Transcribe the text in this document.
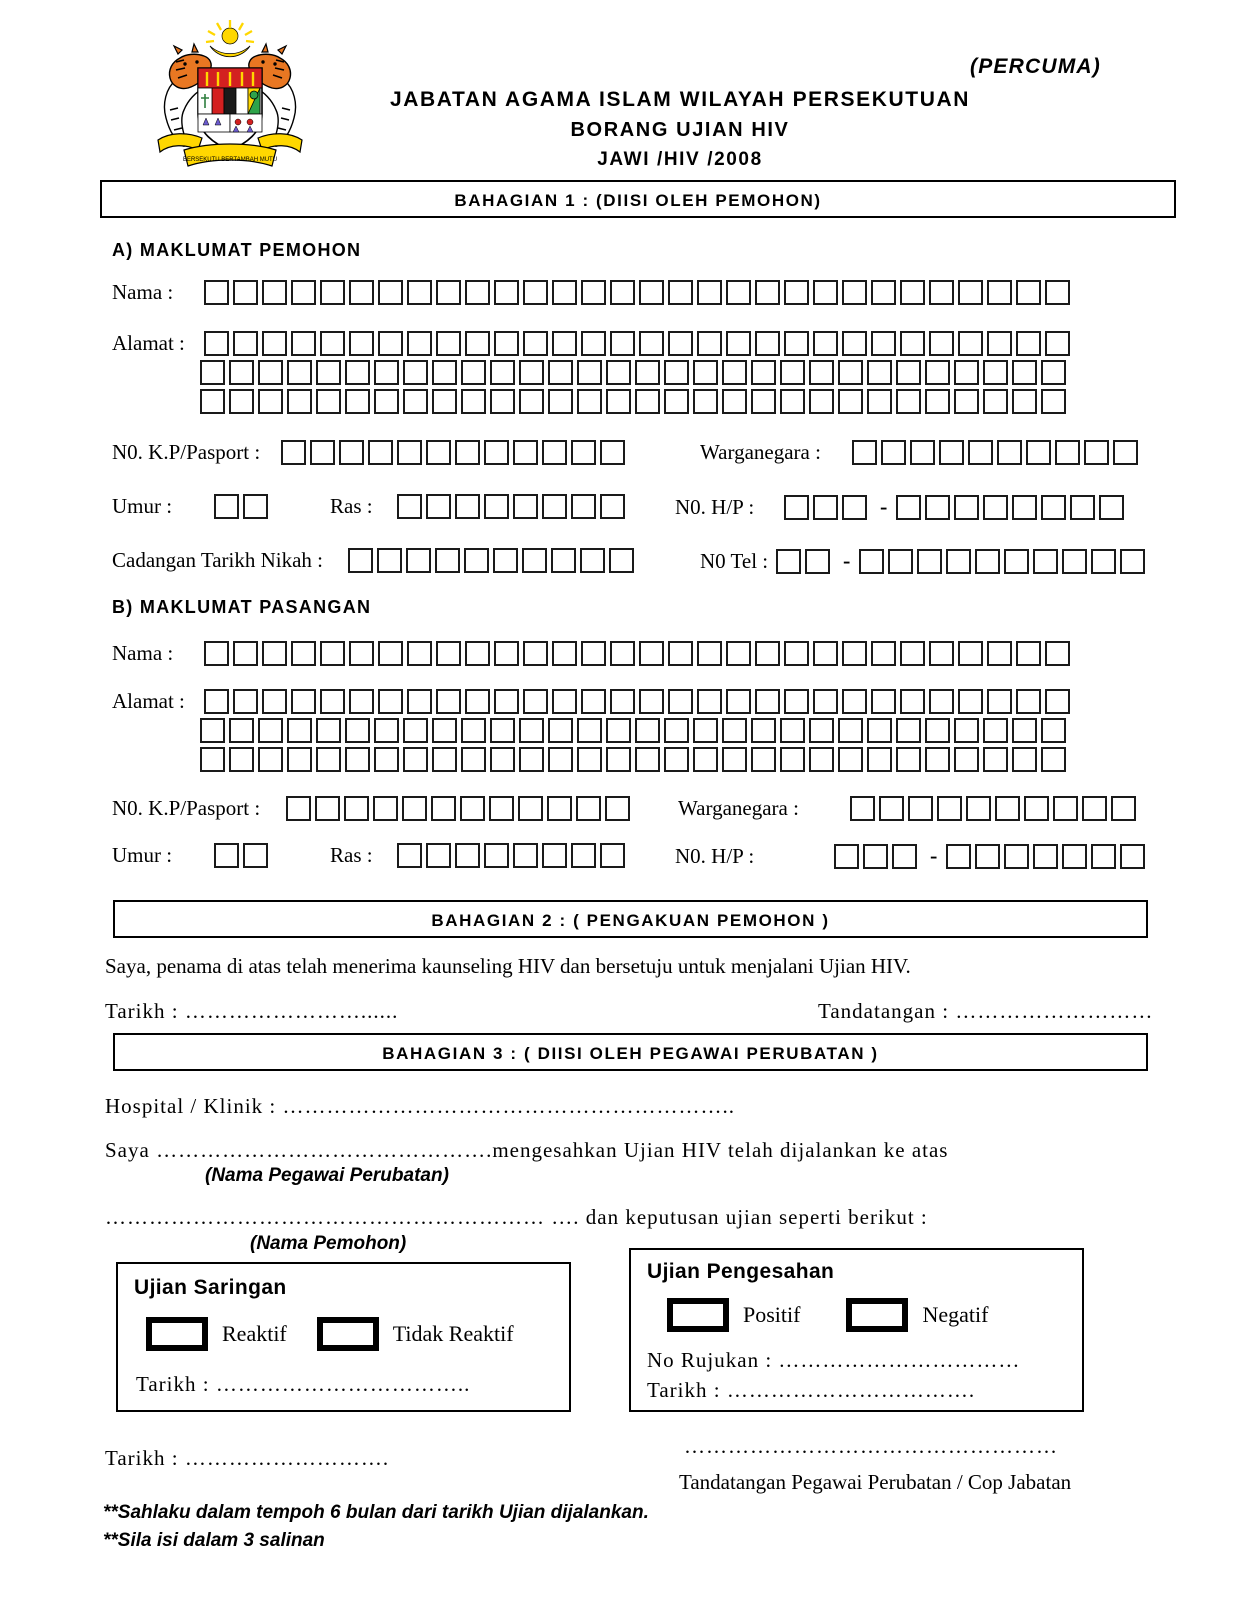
BERSEKUTU BERTAMBAH MUTU
(PERCUMA)
JABATAN AGAMA ISLAM WILAYAH PERSEKUTUAN
BORANG UJIAN HIV
JAWI /HIV /2008
BAHAGIAN 1 : (DIISI OLEH PEMOHON)
A) MAKLUMAT PEMOHON
Nama :
Alamat :
N0. K.P/Pasport :	Warganegara :
Umur :	Ras :	N0. H/P :	-
Cadangan Tarikh Nikah :	N0 Tel :	-
B) MAKLUMAT PASANGAN
Nama :
Alamat :
N0. K.P/Pasport :	Warganegara :
Umur :	Ras :	N0. H/P :	-
BAHAGIAN 2 : ( PENGAKUAN PEMOHON )
Saya, penama di atas telah menerima kaunseling HIV dan bersetuju untuk menjalani Ujian HIV.
Tarikh : ……………………......	Tandatangan : ………………………
BAHAGIAN 3 : ( DIISI OLEH PEGAWAI PERUBATAN )
Hospital / Klinik : ……………………………………………………..
Saya ……………………………………….mengesahkan Ujian HIV telah dijalankan ke atas
(Nama Pegawai Perubatan)
…………………………………………………… …. dan keputusan ujian seperti berikut :
(Nama Pemohon)
Ujian Saringan
Reaktif	Tidak Reaktif
Tarikh : ……………………………..
Ujian Pengesahan
Positif	Negatif
No Rujukan : ……………………………
Tarikh : …………………………….
Tarikh : ……………………….	……………………………………………
Tandatangan Pegawai Perubatan / Cop Jabatan
**Sahlaku dalam tempoh 6 bulan dari tarikh Ujian dijalankan.
**Sila isi dalam 3 salinan
